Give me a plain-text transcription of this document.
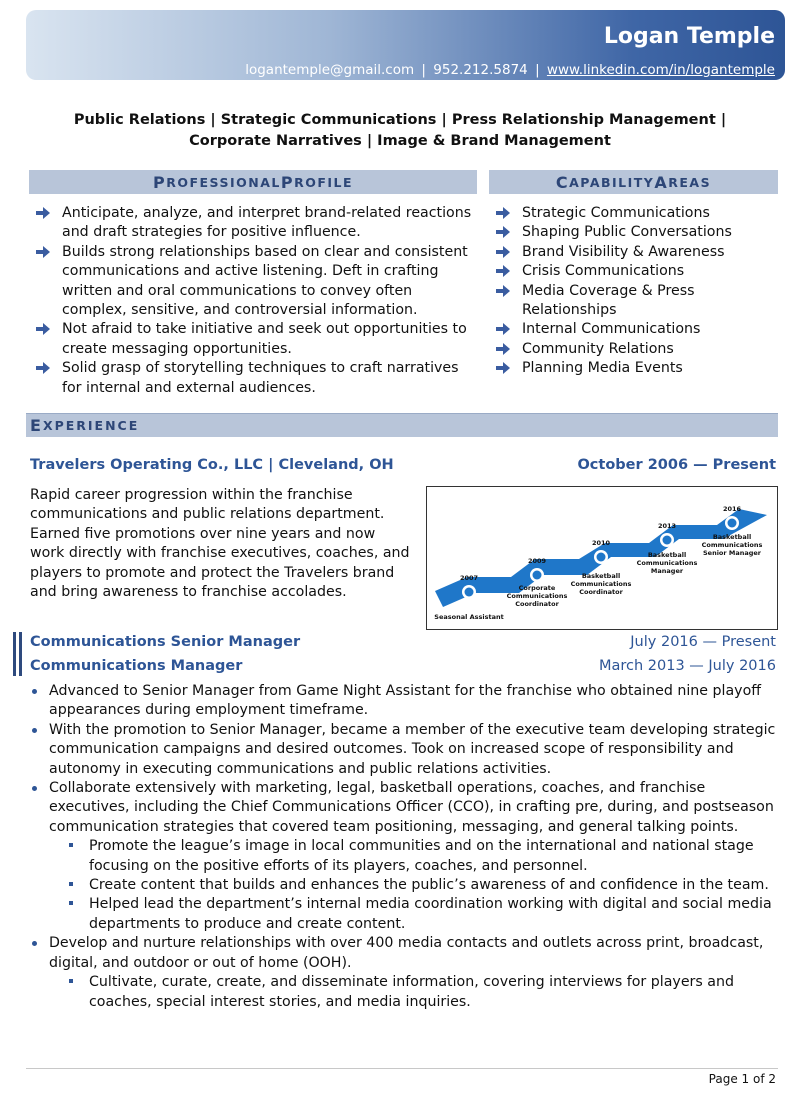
Logan Temple
logantemple@gmail.com | 952.212.5874 | www.linkedin.com/in/logantemple
Public Relations | Strategic Communications | Press Relationship Management | Corporate Narratives | Image & Brand Management
P ROFESSIONAL P ROFILE	C APABILITY A REAS
Anticipate, analyze, and interpret brand-related reactions and draft strategies for positive influence.
Builds strong relationships based on clear and consistent communications and active listening. Deft in crafting written and oral communications to convey often complex, sensitive, and controversial information.
Not afraid to take initiative and seek out opportunities to create messaging opportunities.
Solid grasp of storytelling techniques to craft narratives for internal and external audiences.
Strategic Communications
Shaping Public Conversations
Brand Visibility & Awareness
Crisis Communications
Media Coverage & Press Relationships
Internal Communications
Community Relations
Planning Media Events
E XPERIENCE
Travelers Operating Co., LLC | Cleveland, OH	October 2006 — Present
Rapid career progression within the franchise communications and public relations department. Earned five promotions over nine years and now work directly with franchise executives, coaches, and players to promote and protect the Travelers brand and bring awareness to franchise accolades.
2007
Seasonal Assistant
2009
Corporate
Communications
Coordinator
2010
Basketball
Communications
Coordinator
2013
Basketball
Communications
Manager
2016
Basketball
Communications
Senior Manager
Communications Senior Manager	July 2016 — Present
Communications Manager	March 2013 — July 2016
Advanced to Senior Manager from Game Night Assistant for the franchise who obtained nine playoff appearances during employment timeframe.
With the promotion to Senior Manager, became a member of the executive team developing strategic communication campaigns and desired outcomes. Took on increased scope of responsibility and autonomy in executing communications and public relations activities.
Collaborate extensively with marketing, legal, basketball operations, coaches, and franchise executives, including the Chief Communications Officer (CCO), in crafting pre, during, and postseason communication strategies that covered team positioning, messaging, and general talking points.
Promote the league’s image in local communities and on the international and national stage focusing on the positive efforts of its players, coaches, and personnel.
Create content that builds and enhances the public’s awareness of and confidence in the team.
Helped lead the department’s internal media coordination working with digital and social media departments to produce and create content.
Develop and nurture relationships with over 400 media contacts and outlets across print, broadcast, digital, and outdoor or out of home (OOH).
Cultivate, curate, create, and disseminate information, covering interviews for players and coaches, special interest stories, and media inquiries.
Page 1 of 2
